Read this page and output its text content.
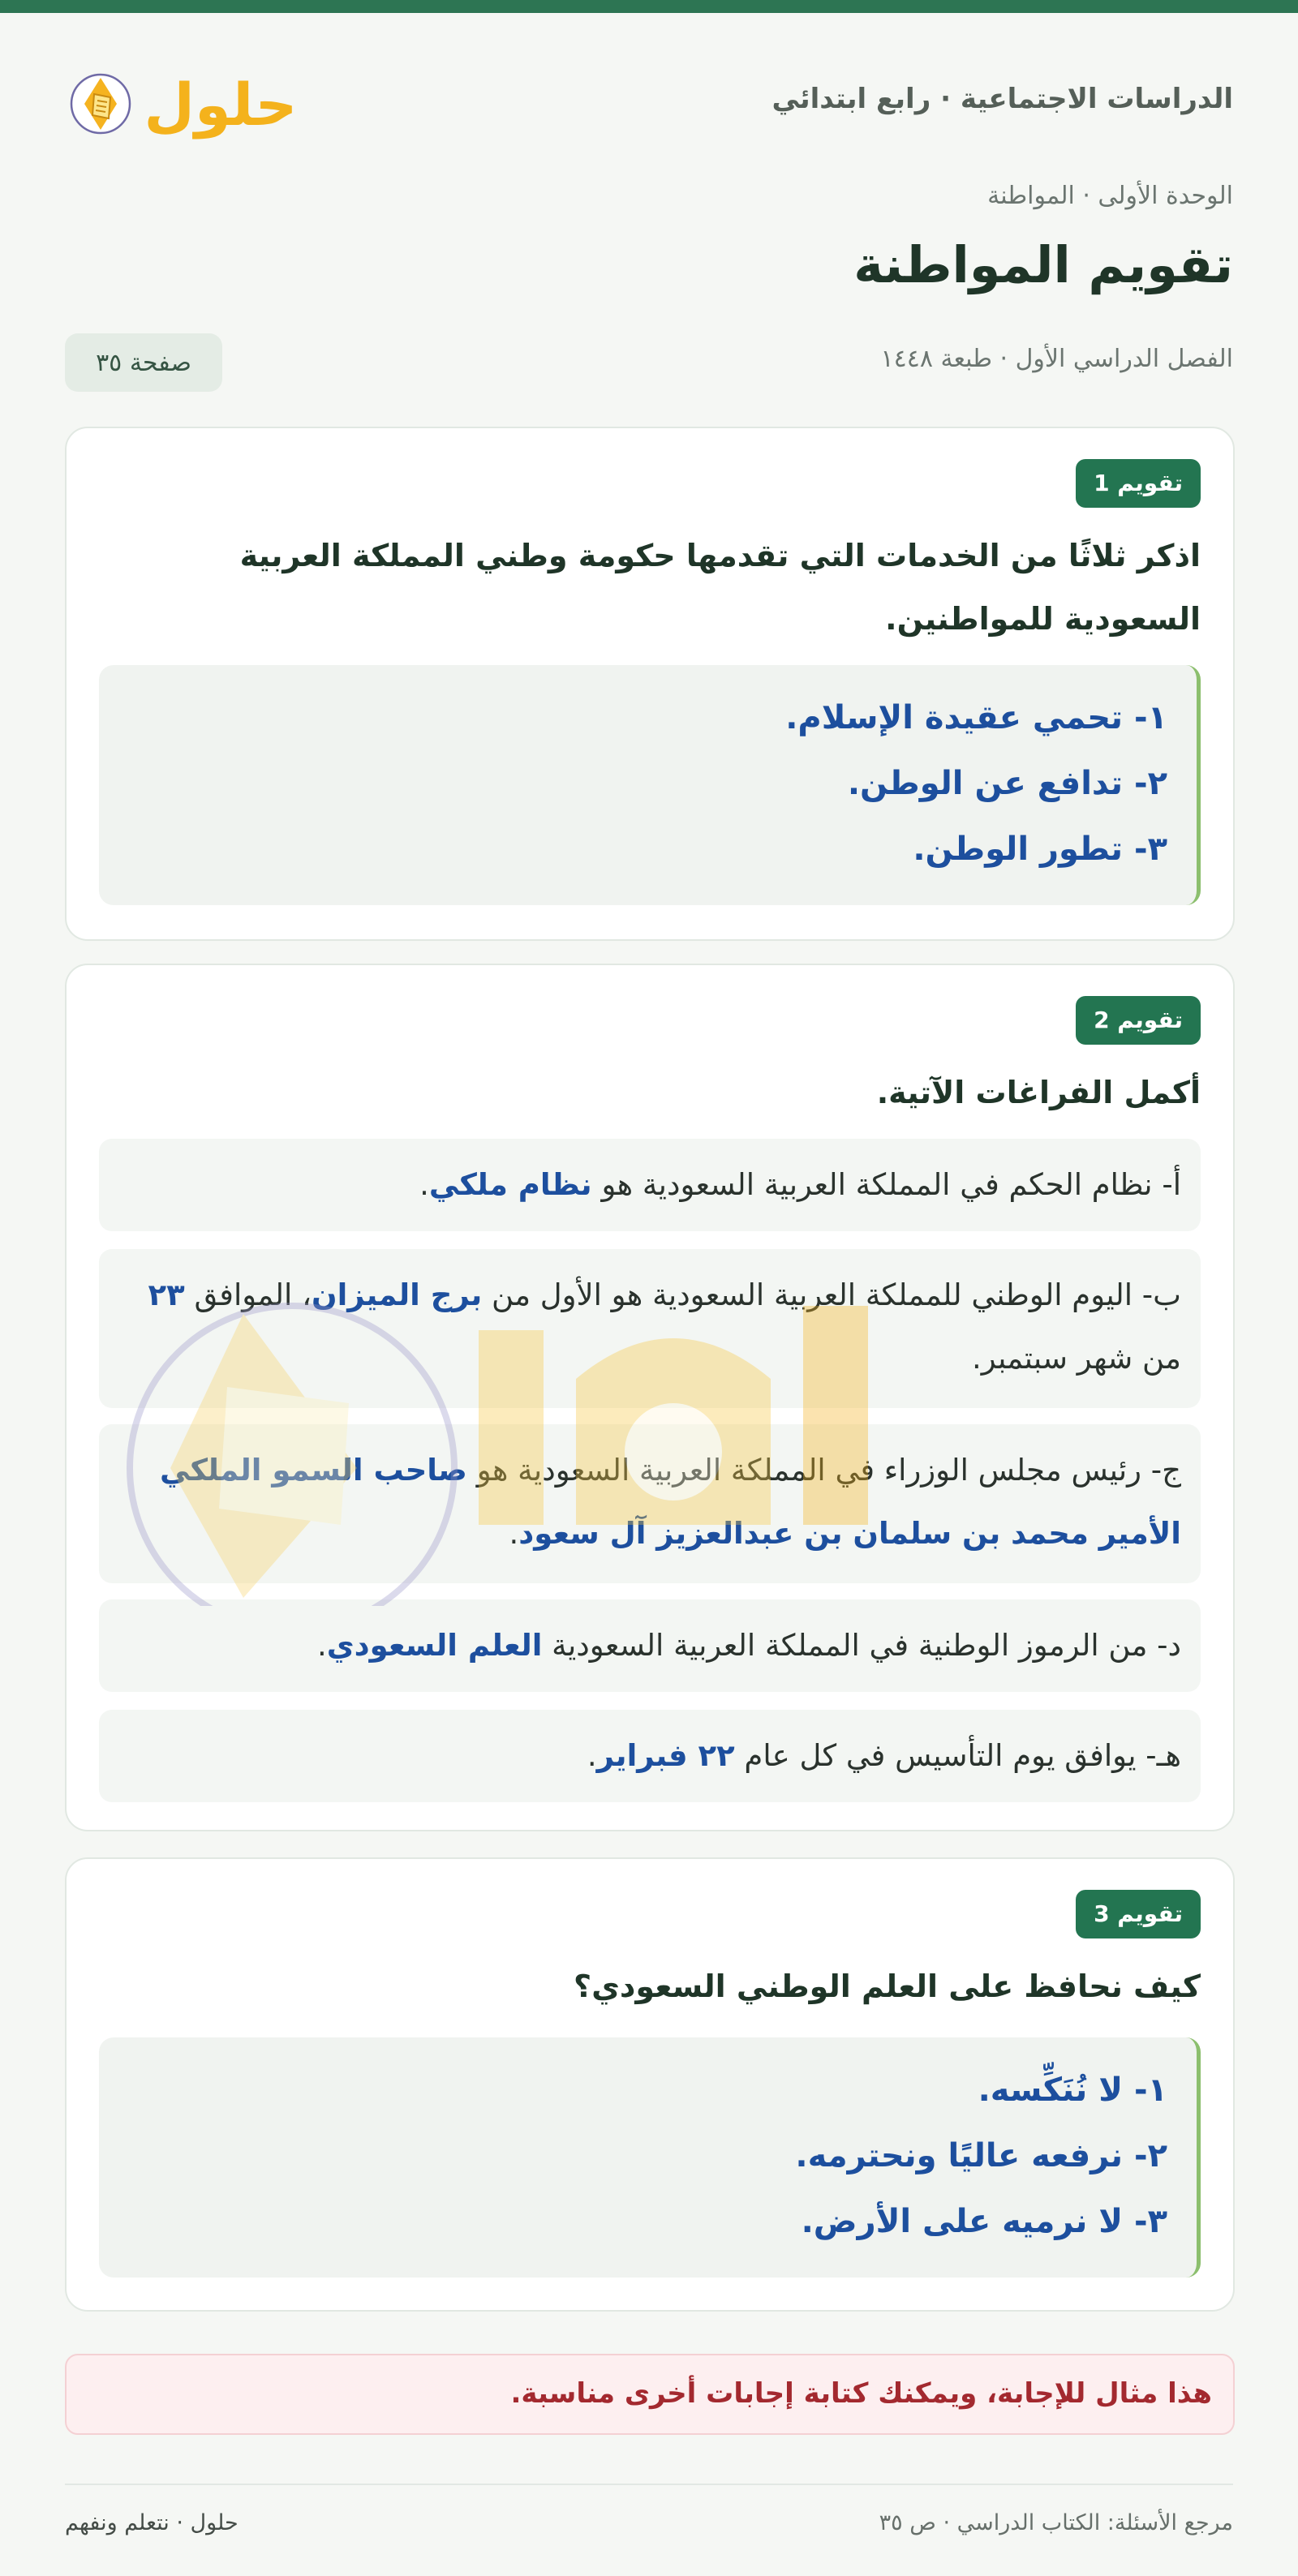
الدراسات الاجتماعية · رابع ابتدائي
حلول
الوحدة الأولى · المواطنة
تقويم المواطنة
الفصل الدراسي الأول · طبعة ١٤٤٨
صفحة ٣٥
تقويم 1
اذكر ثلاثًا من الخدمات التي تقدمها حكومة وطني المملكة العربية
السعودية للمواطنين.
١- تحمي عقيدة الإسلام.
٢- تدافع عن الوطن.
٣- تطور الوطن.
تقويم 2
أكمل الفراغات الآتية.
أ- نظام الحكم في المملكة العربية السعودية هو نظام ملكي.
ب- اليوم الوطني للمملكة العربية السعودية هو الأول من برج الميزان، الموافق ٢٣ من شهر سبتمبر.
ج- رئيس مجلس الوزراء في المملكة العربية السعودية هو صاحب السمو الملكي الأمير محمد بن سلمان بن عبدالعزيز آل سعود.
د- من الرموز الوطنية في المملكة العربية السعودية العلم السعودي.
هـ- يوافق يوم التأسيس في كل عام ٢٢ فبراير.
تقويم 3
كيف نحافظ على العلم الوطني السعودي؟
١- لا نُنَكِّسه.
٢- نرفعه عاليًا ونحترمه.
٣- لا نرميه على الأرض.
هذا مثال للإجابة، ويمكنك كتابة إجابات أخرى مناسبة.
مرجع الأسئلة: الكتاب الدراسي · ص ٣٥
حلول · نتعلم ونفهم
